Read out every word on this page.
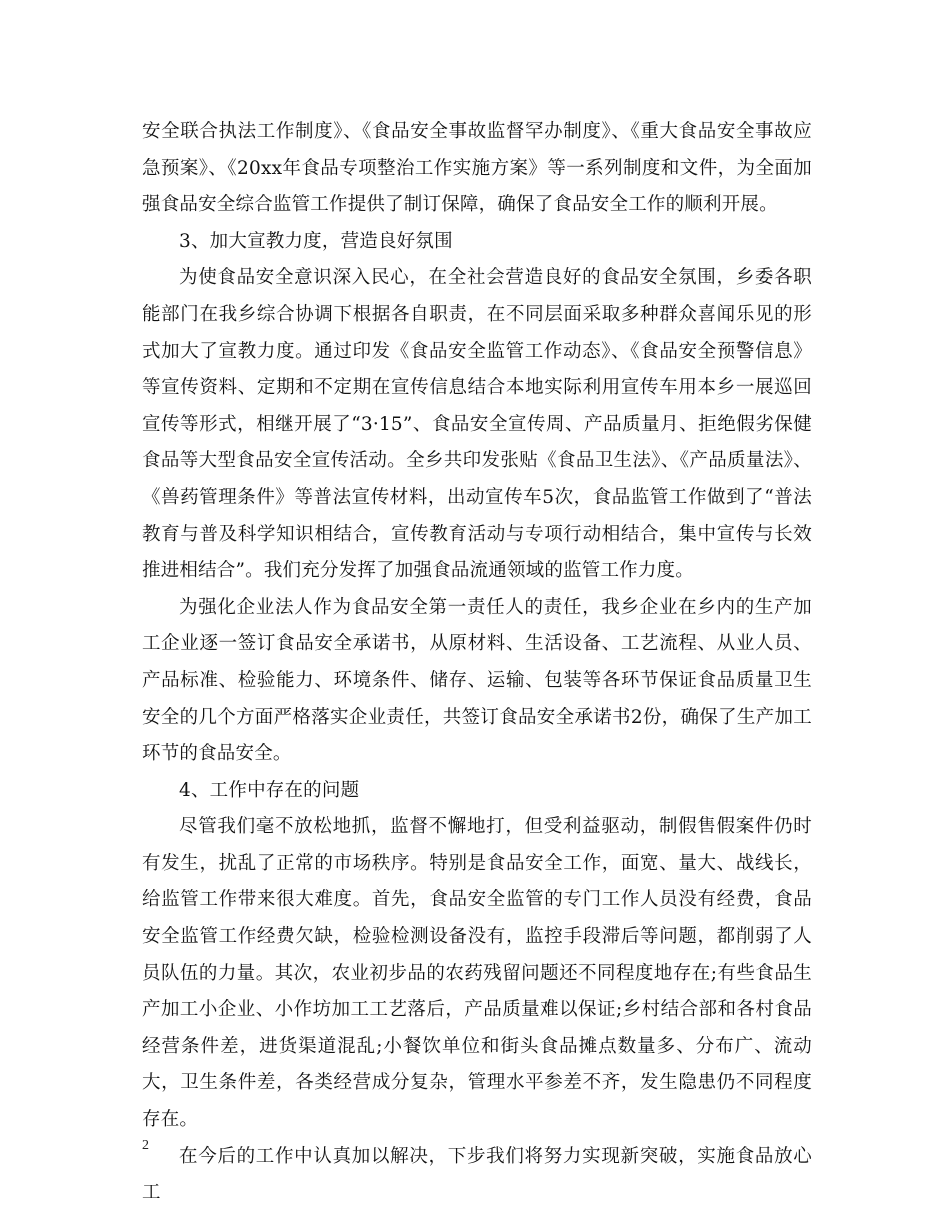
安全联合执法工作制度》、《食品安全事故监督罕办制度》、《重大食品安全事故应急预案》、《20xx年食品专项整治工作实施方案》等一系列制度和文件，为全面加强食品安全综合监管工作提供了制订保障，确保了食品安全工作的顺利开展。

3、加大宣教力度，营造良好氛围

为使食品安全意识深入民心，在全社会营造良好的食品安全氛围，乡委各职能部门在我乡综合协调下根据各自职责，在不同层面采取多种群众喜闻乐见的形式加大了宣教力度。通过印发《食品安全监管工作动态》、《食品安全预警信息》等宣传资料、定期和不定期在宣传信息结合本地实际利用宣传车用本乡一展巡回宣传等形式，相继开展了“3·15”、食品安全宣传周、产品质量月、拒绝假劣保健食品等大型食品安全宣传活动。全乡共印发张贴《食品卫生法》、《产品质量法》、《兽药管理条件》等普法宣传材料，出动宣传车5次，食品监管工作做到了“普法教育与普及科学知识相结合，宣传教育活动与专项行动相结合，集中宣传与长效推进相结合”。我们充分发挥了加强食品流通领域的监管工作力度。

为强化企业法人作为食品安全第一责任人的责任，我乡企业在乡内的生产加工企业逐一签订食品安全承诺书，从原材料、生活设备、工艺流程、从业人员、产品标准、检验能力、环境条件、储存、运输、包装等各环节保证食品质量卫生安全的几个方面严格落实企业责任，共签订食品安全承诺书2份，确保了生产加工环节的食品安全。

4、工作中存在的问题

尽管我们毫不放松地抓，监督不懈地打，但受利益驱动，制假售假案件仍时有发生，扰乱了正常的市场秩序。特别是食品安全工作，面宽、量大、战线长，给监管工作带来很大难度。首先，食品安全监管的专门工作人员没有经费，食品安全监管工作经费欠缺，检验检测设备没有，监控手段滞后等问题，都削弱了人员队伍的力量。其次，农业初步品的农药残留问题还不同程度地存在;有些食品生产加工小企业、小作坊加工工艺落后，产品质量难以保证;乡村结合部和各村食品经营条件差，进货渠道混乱;小餐饮单位和街头食品摊点数量多、分布广、流动大，卫生条件差，各类经营成分复杂，管理水平参差不齐，发生隐患仍不同程度存在。

在今后的工作中认真加以解决，下步我们将努力实现新突破，实施食品放心工

2
